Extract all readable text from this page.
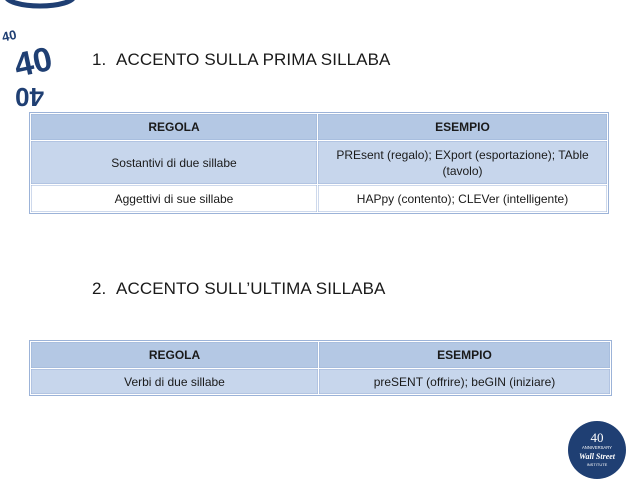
40
40
40
1. ACCENTO SULLA PRIMA SILLABA
REGOLA	ESEMPIO
Sostantivi di due sillabe	PREsent (regalo); EXport (esportazione); TAble (tavolo)
Aggettivi di sue sillabe	HAPpy (contento); CLEVer (intelligente)
2. ACCENTO SULL’ULTIMA SILLABA
REGOLA	ESEMPIO
Verbi di due sillabe	preSENT (offrire); beGIN (iniziare)
40
ANNIVERSARY
Wall Street
INSTITUTE
